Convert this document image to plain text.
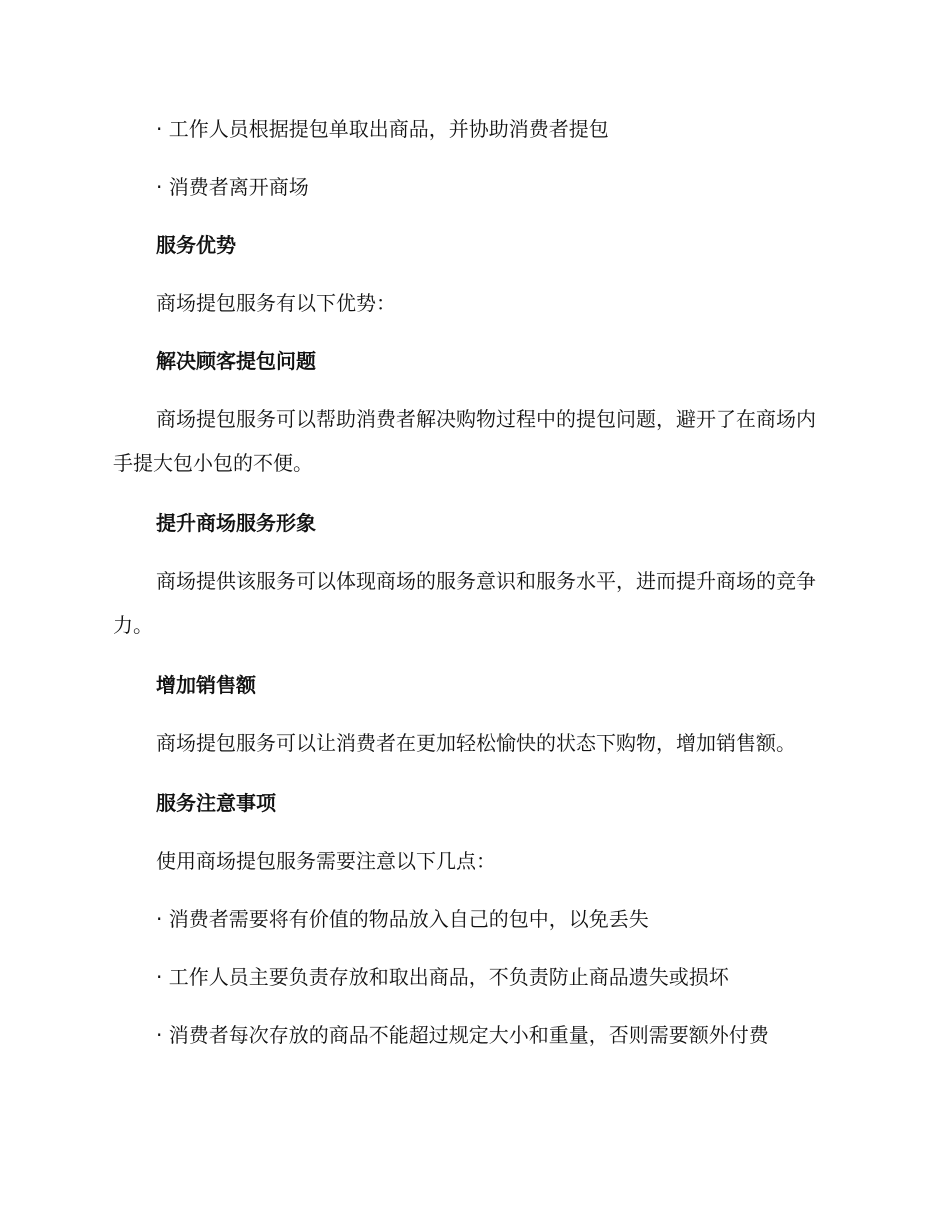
· 工作人员根据提包单取出商品，并协助消费者提包

· 消费者离开商场

服务优势

商场提包服务有以下优势：

解决顾客提包问题

商场提包服务可以帮助消费者解决购物过程中的提包问题，避开了在商场内手提大包小包的不便。

提升商场服务形象

商场提供该服务可以体现商场的服务意识和服务水平，进而提升商场的竞争力。

增加销售额

商场提包服务可以让消费者在更加轻松愉快的状态下购物，增加销售额。

服务注意事项

使用商场提包服务需要注意以下几点：

· 消费者需要将有价值的物品放入自己的包中，以免丢失

· 工作人员主要负责存放和取出商品，不负责防止商品遗失或损坏

· 消费者每次存放的商品不能超过规定大小和重量，否则需要额外付费
